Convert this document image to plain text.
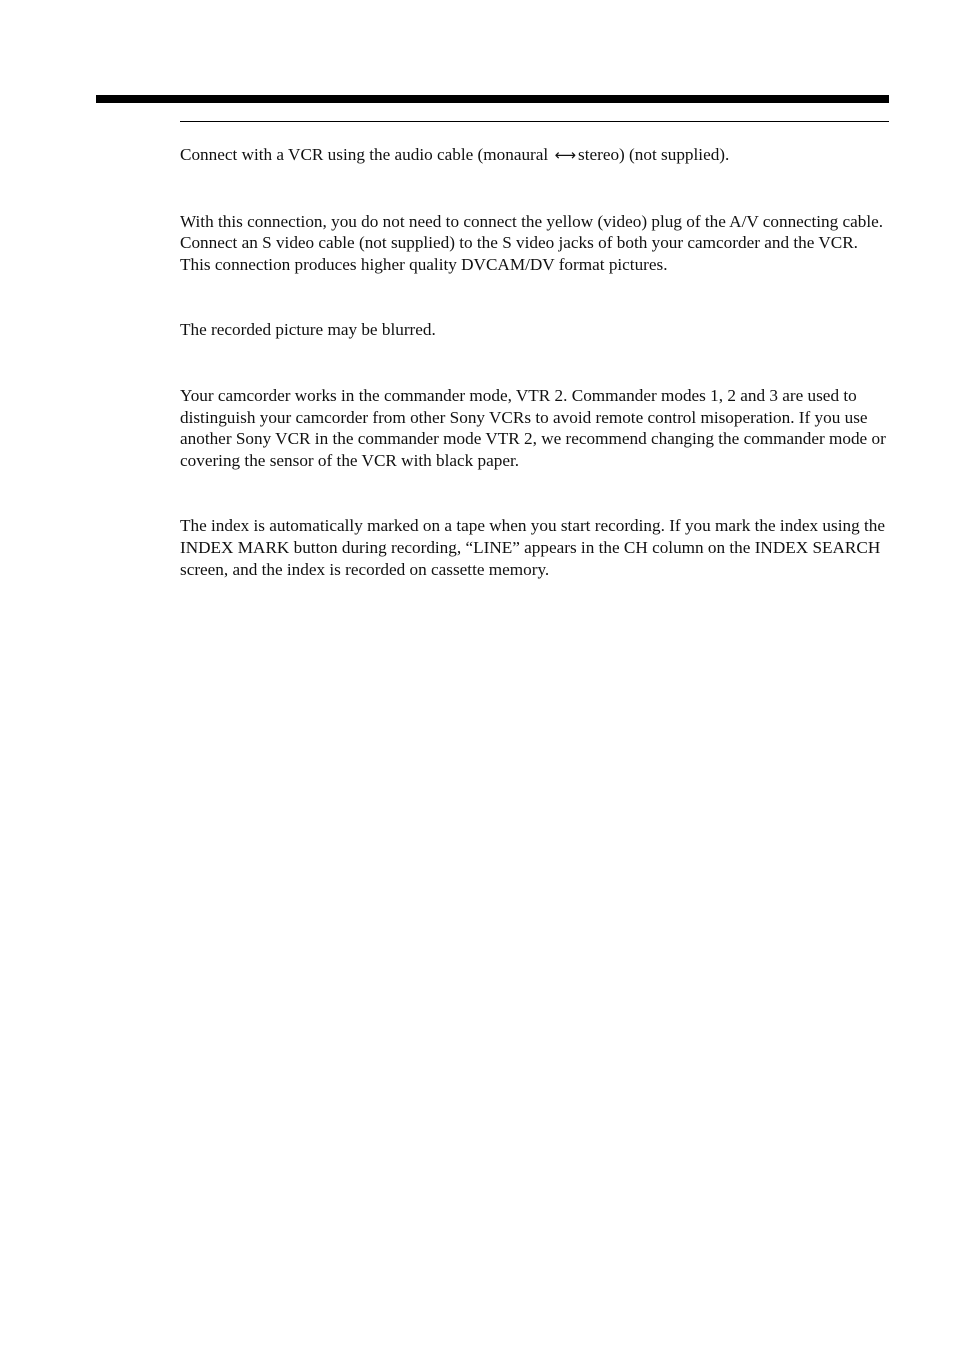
Connect with a VCR using the audio cable (monaural ⟷ stereo) (not supplied).

With this connection, you do not need to connect the yellow (video) plug of the A/V connecting cable.

Connect an S video cable (not supplied) to the S video jacks of both your camcorder and the VCR.

This connection produces higher quality DVCAM/DV format pictures.

The recorded picture may be blurred.

Your camcorder works in the commander mode, VTR 2. Commander modes 1, 2 and 3 are used to distinguish your camcorder from other Sony VCRs to avoid remote control misoperation. If you use another Sony VCR in the commander mode VTR 2, we recommend changing the commander mode or covering the sensor of the VCR with black paper.

The index is automatically marked on a tape when you start recording. If you mark the index using the INDEX MARK button during recording, “LINE” appears in the CH column on the INDEX SEARCH screen, and the index is recorded on cassette memory.
